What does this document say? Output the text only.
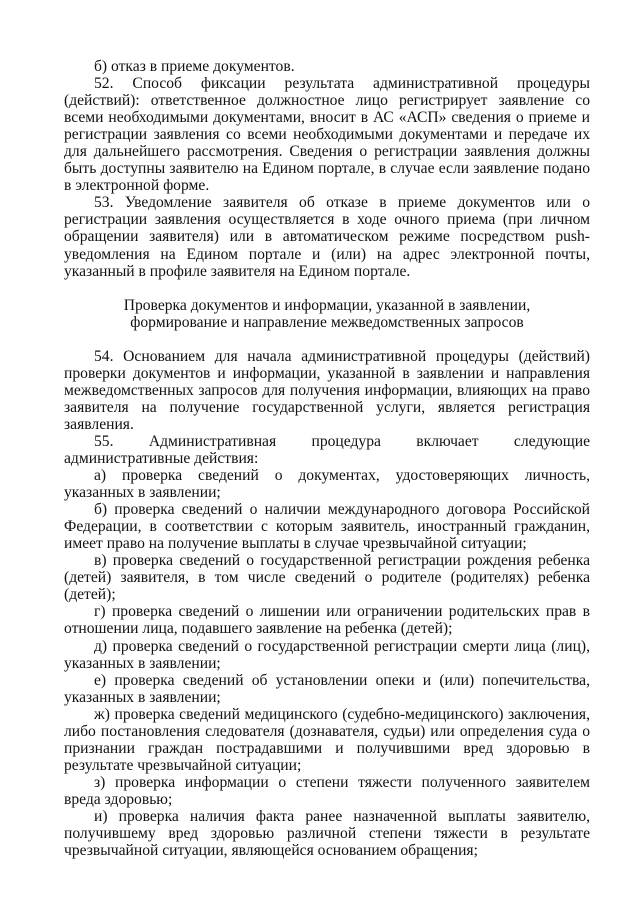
б) отказ в приеме документов.

52. Способ фиксации результата административной процедуры (действий): ответственное должностное лицо регистрирует заявление со всеми необходимыми документами, вносит в АС «АСП» сведения о приеме и регистрации заявления со всеми необходимыми документами и передаче их для дальнейшего рассмотрения. Сведения о регистрации заявления должны быть доступны заявителю на Едином портале, в случае если заявление подано в электронной форме.

53. Уведомление заявителя об отказе в приеме документов или о регистрации заявления осуществляется в ходе очного приема (при личном обращении заявителя) или в автоматическом режиме посредством push-уведомления на Едином портале и (или) на адрес электронной почты, указанный в профиле заявителя на Едином портале.

Проверка документов и информации, указанной в заявлении,
формирование и направление межведомственных запросов

54. Основанием для начала административной процедуры (действий) проверки документов и информации, указанной в заявлении и направления межведомственных запросов для получения информации, влияющих на право заявителя на получение государственной услуги, является регистрация заявления.

55. Административная процедура включает следующие административные действия:

а) проверка сведений о документах, удостоверяющих личность, указанных в заявлении;

б) проверка сведений о наличии международного договора Российской Федерации, в соответствии с которым заявитель, иностранный гражданин, имеет право на получение выплаты в случае чрезвычайной ситуации;

в) проверка сведений о государственной регистрации рождения ребенка (детей) заявителя, в том числе сведений о родителе (родителях) ребенка (детей);

г) проверка сведений о лишении или ограничении родительских прав в отношении лица, подавшего заявление на ребенка (детей);

д) проверка сведений о государственной регистрации смерти лица (лиц), указанных в заявлении;

е) проверка сведений об установлении опеки и (или) попечительства, указанных в заявлении;

ж) проверка сведений медицинского (судебно-медицинского) заключения, либо постановления следователя (дознавателя, судьи) или определения суда о признании граждан пострадавшими и получившими вред здоровью в результате чрезвычайной ситуации;

з) проверка информации о степени тяжести полученного заявителем вреда здоровью;

и) проверка наличия факта ранее назначенной выплаты заявителю, получившему вред здоровью различной степени тяжести в результате чрезвычайной ситуации, являющейся основанием обращения;
